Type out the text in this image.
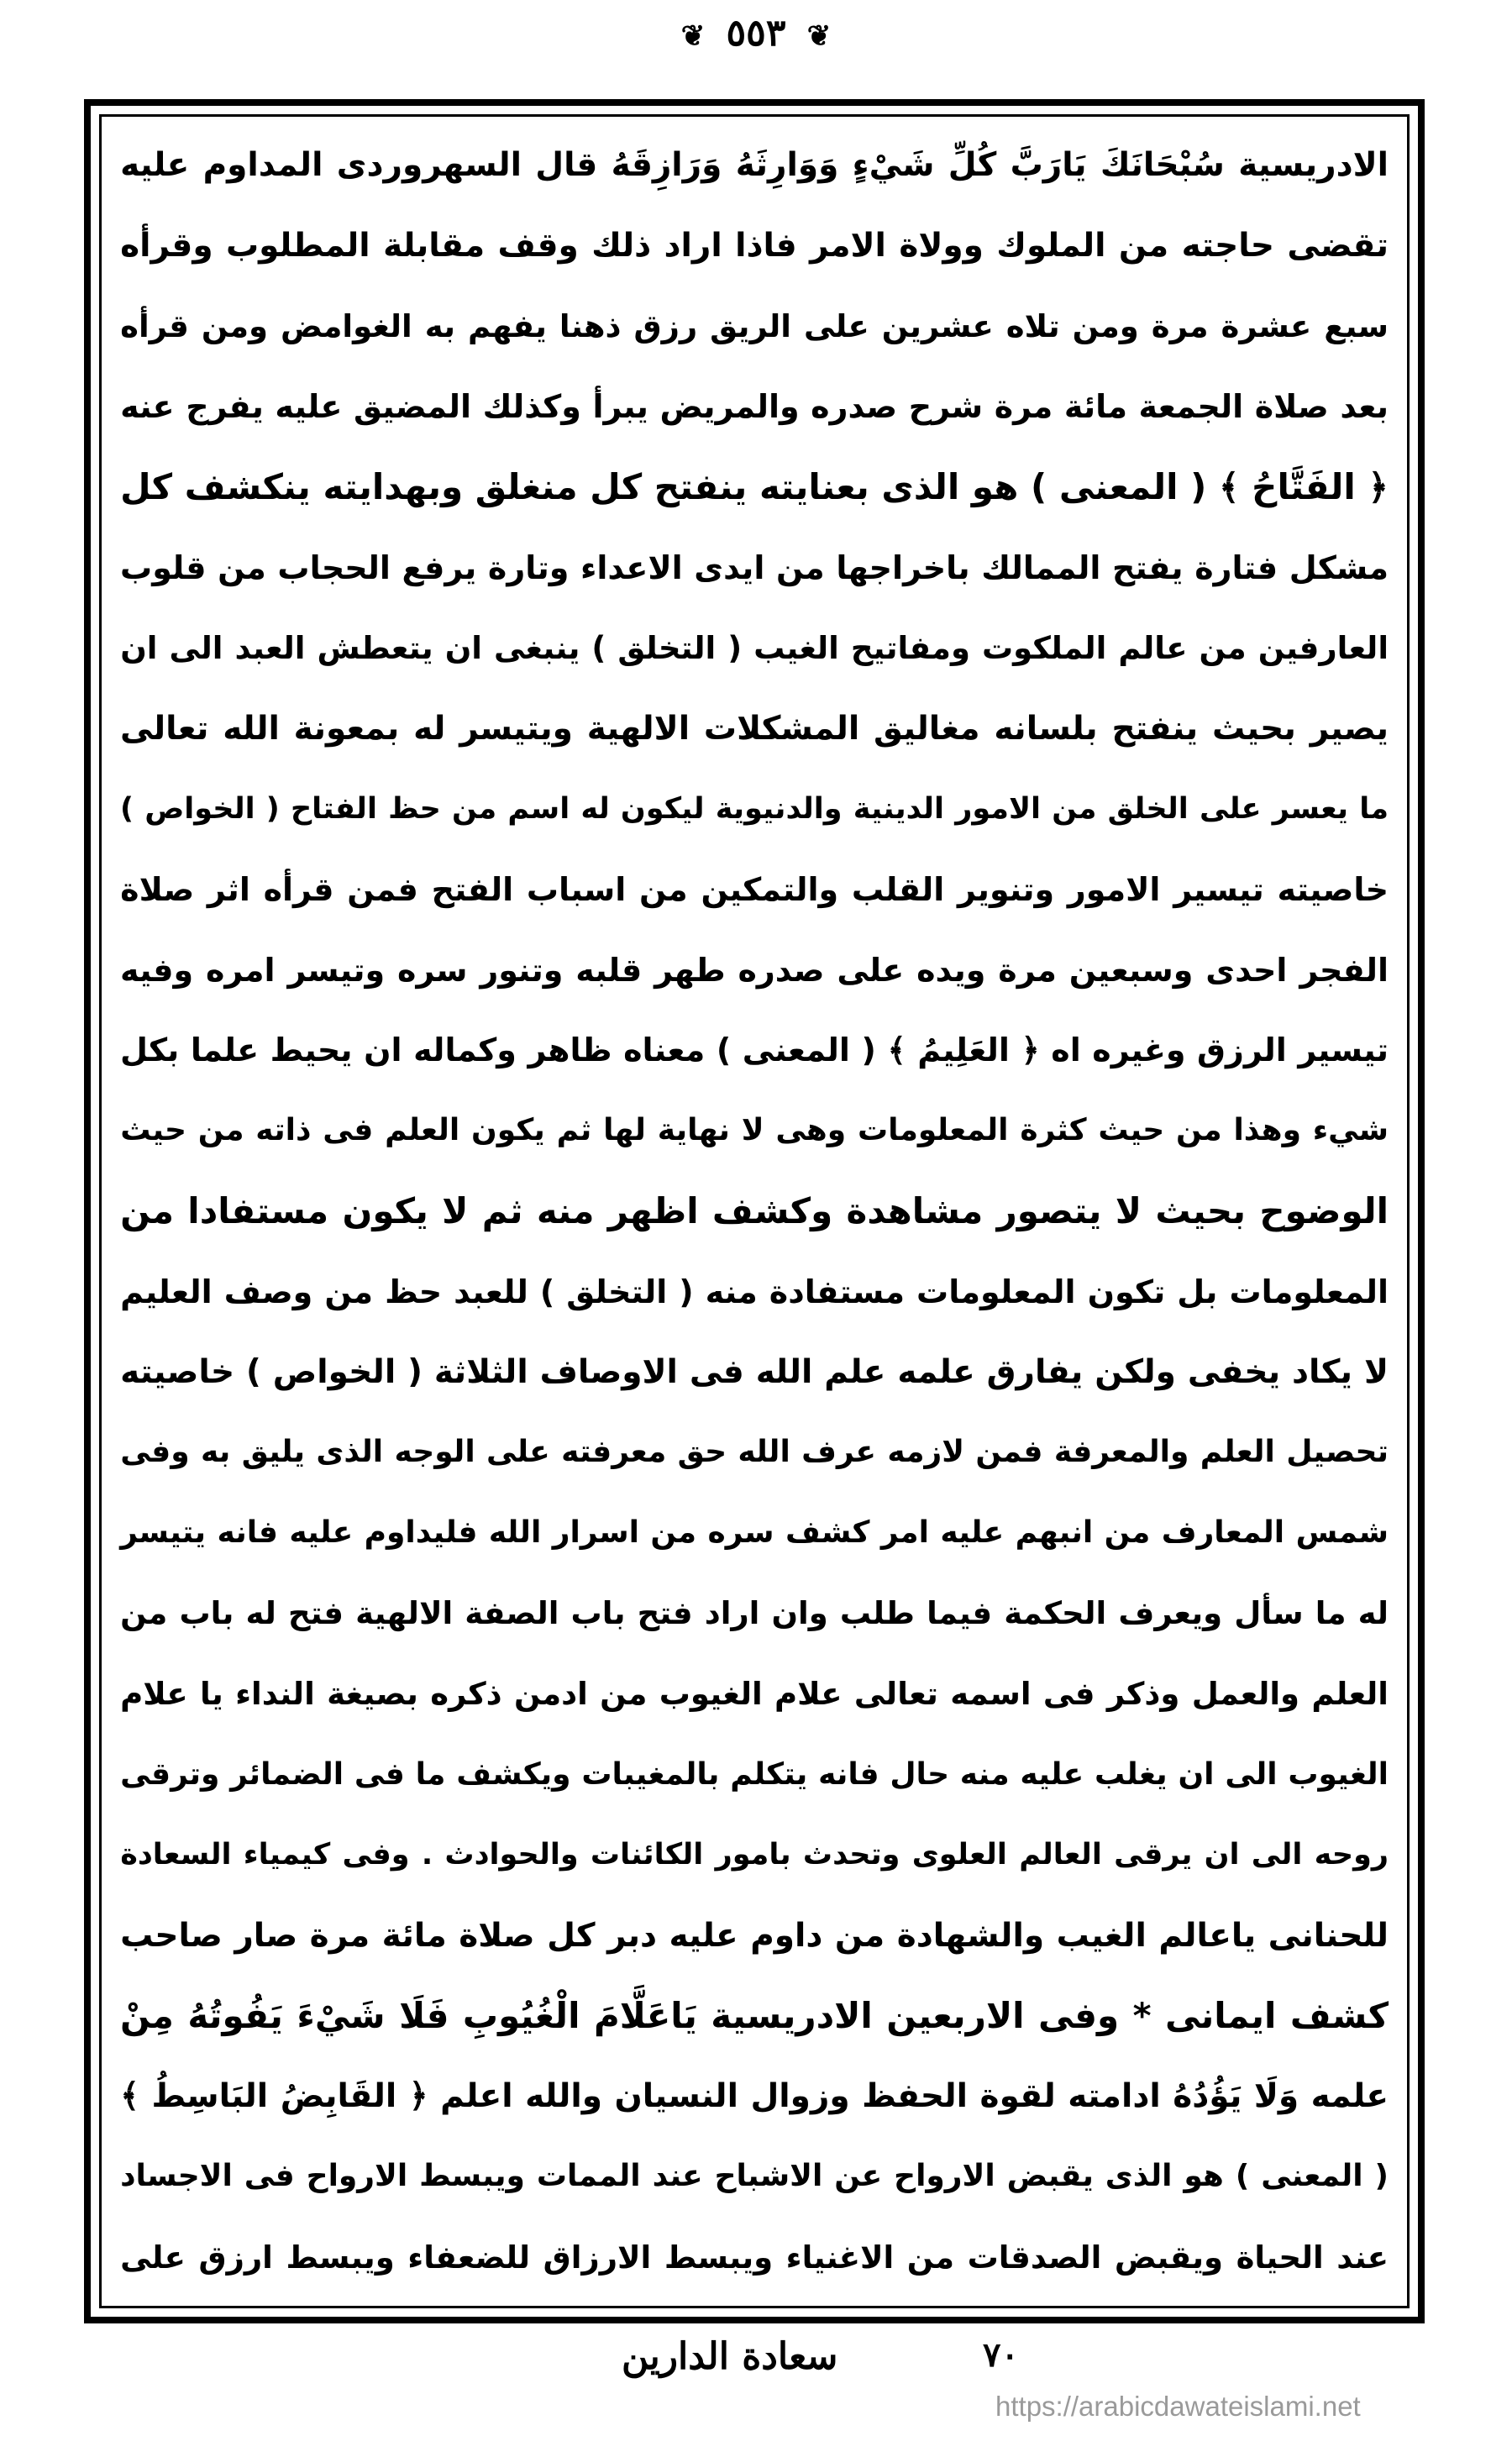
❦ ٥٥٣ ❦
الادريسية
سُبْحَانَكَ
يَارَبَّ
كُلِّ
شَيْءٍ
وَوَارِثَهُ
وَرَازِقَهُ
قال
السهروردى
المداوم
عليه
تقضى
حاجته
من
الملوك
وولاة
الامر
فاذا
اراد
ذلك
وقف
مقابلة
المطلوب
وقرأه
سبع
عشرة
مرة
ومن
تلاه
عشرين
على
الريق
رزق
ذهنا
يفهم
به
الغوامض
ومن
قرأه
بعد
صلاة
الجمعة
مائة
مرة
شرح
صدره
والمريض
يبرأ
وكذلك
المضيق
عليه
يفرج
عنه
﴿
الفَتَّاحُ
﴾
(
المعنى
)
هو
الذى
بعنايته
ينفتح
كل
منغلق
وبهدايته
ينكشف
كل
مشكل
فتارة
يفتح
الممالك
باخراجها
من
ايدى
الاعداء
وتارة
يرفع
الحجاب
من
قلوب
العارفين
من
عالم
الملكوت
ومفاتيح
الغيب
(
التخلق
)
ينبغى
ان
يتعطش
العبد
الى
ان
يصير
بحيث
ينفتح
بلسانه
مغاليق
المشكلات
الالهية
ويتيسر
له
بمعونة
الله
تعالى
ما
يعسر
على
الخلق
من
الامور
الدينية
والدنيوية
ليكون
له
اسم
من
حظ
الفتاح
(
الخواص
)
خاصيته
تيسير
الامور
وتنوير
القلب
والتمكين
من
اسباب
الفتح
فمن
قرأه
اثر
صلاة
الفجر
احدى
وسبعين
مرة
ويده
على
صدره
طهر
قلبه
وتنور
سره
وتيسر
امره
وفيه
تيسير
الرزق
وغيره
اه
﴿
العَلِيمُ
﴾
(
المعنى
)
معناه
ظاهر
وكماله
ان
يحيط
علما
بكل
شيء
وهذا
من
حيث
كثرة
المعلومات
وهى
لا
نهاية
لها
ثم
يكون
العلم
فى
ذاته
من
حيث
الوضوح
بحيث
لا
يتصور
مشاهدة
وكشف
اظهر
منه
ثم
لا
يكون
مستفادا
من
المعلومات
بل
تكون
المعلومات
مستفادة
منه
(
التخلق
)
للعبد
حظ
من
وصف
العليم
لا
يكاد
يخفى
ولكن
يفارق
علمه
علم
الله
فى
الاوصاف
الثلاثة
(
الخواص
)
خاصيته
تحصيل
العلم
والمعرفة
فمن
لازمه
عرف
الله
حق
معرفته
على
الوجه
الذى
يليق
به
وفى
شمس
المعارف
من
انبهم
عليه
امر
كشف
سره
من
اسرار
الله
فليداوم
عليه
فانه
يتيسر
له
ما
سأل
ويعرف
الحكمة
فيما
طلب
وان
اراد
فتح
باب
الصفة
الالهية
فتح
له
باب
من
العلم
والعمل
وذكر
فى
اسمه
تعالى
علام
الغيوب
من
ادمن
ذكره
بصيغة
النداء
يا
علام
الغيوب
الى
ان
يغلب
عليه
منه
حال
فانه
يتكلم
بالمغيبات
ويكشف
ما
فى
الضمائر
وترقى
روحه
الى
ان
يرقى
العالم
العلوى
وتحدث
بامور
الكائنات
والحوادث
.
وفى
كيمياء
السعادة
للحنانى
ياعالم
الغيب
والشهادة
من
داوم
عليه
دبر
كل
صلاة
مائة
مرة
صار
صاحب
كشف
ايمانى
*
وفى
الاربعين
الادريسية
يَاعَلَّامَ
الْغُيُوبِ
فَلَا
شَيْءَ
يَفُوتُهُ
مِنْ
علمه
وَلَا
يَؤُدُهُ
ادامته
لقوة
الحفظ
وزوال
النسيان
والله
اعلم
﴿
القَابِضُ
البَاسِطُ
﴾
(
المعنى
)
هو
الذى
يقبض
الارواح
عن
الاشباح
عند
الممات
ويبسط
الارواح
فى
الاجساد
عند
الحياة
ويقبض
الصدقات
من
الاغنياء
ويبسط
الارزاق
للضعفاء
ويبسط
ارزق
على
سعادة الدارين	٧٠
https://arabicdawateislami.net
